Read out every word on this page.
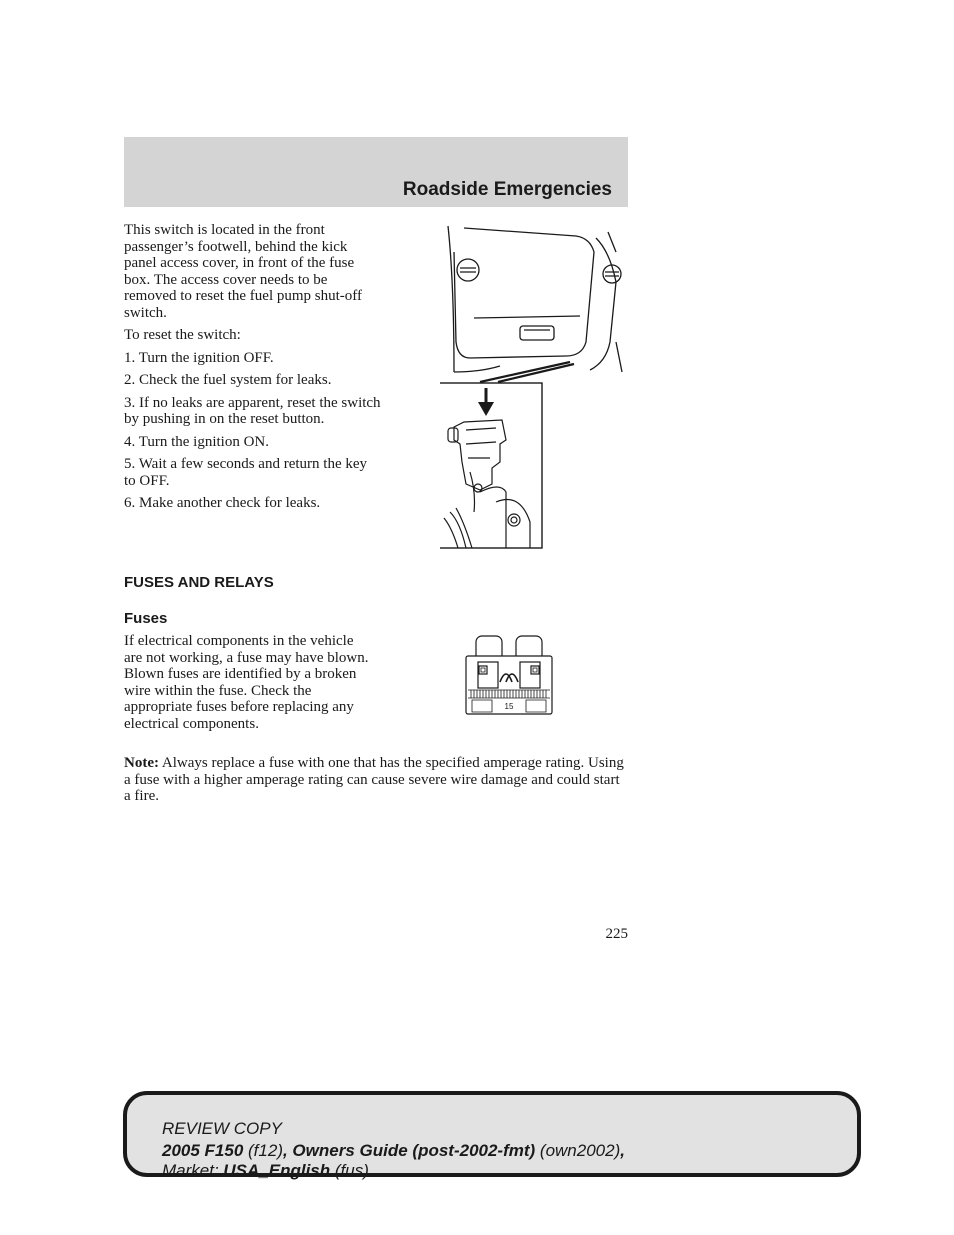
Roadside Emergencies

This switch is located in the front passenger’s footwell, behind the kick panel access cover, in front of the fuse box. The access cover needs to be removed to reset the fuel pump shut-off switch.

To reset the switch:

1. Turn the ignition OFF.

2. Check the fuel system for leaks.

3. If no leaks are apparent, reset the switch by pushing in on the reset button.

4. Turn the ignition ON.

5. Wait a few seconds and return the key to OFF.

6. Make another check for leaks.

FUSES AND RELAYS
Fuses
If electrical components in the vehicle are not working, a fuse may have blown. Blown fuses are identified by a broken wire within the fuse. Check the appropriate fuses before replacing any electrical components.
15
Note: Always replace a fuse with one that has the specified amperage rating. Using a fuse with a higher amperage rating can cause severe wire damage and could start a fire.
225
REVIEW COPY
2005 F150 (f12), Owners Guide (post-2002-fmt) (own2002),
Market: USA_English (fus)
